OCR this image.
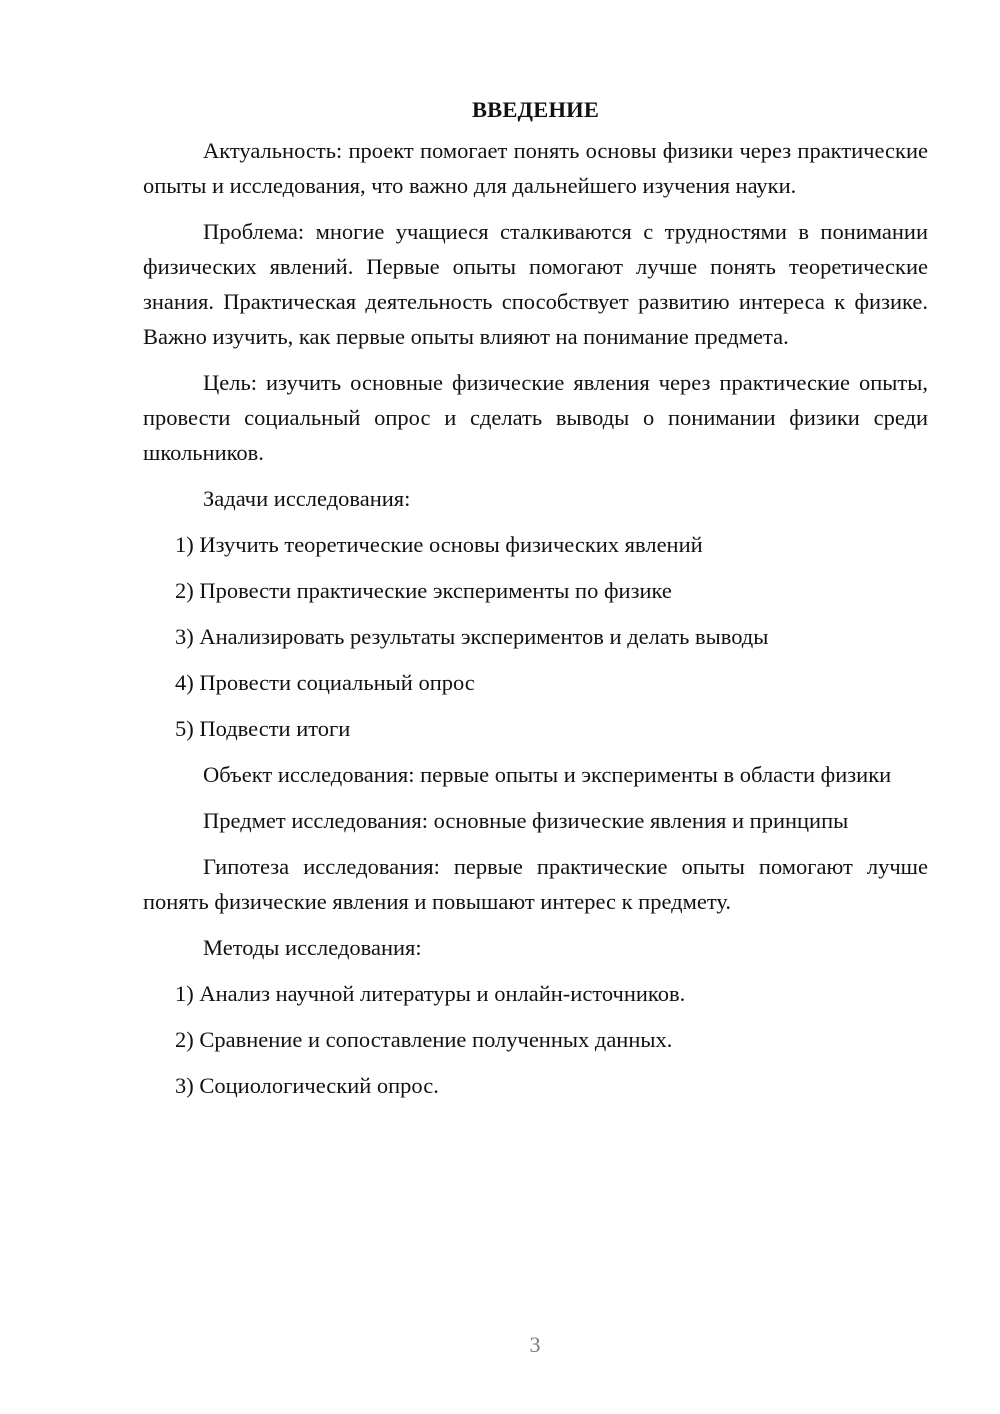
ВВЕДЕНИЕ

Актуальность: проект помогает понять основы физики через практические опыты и исследования, что важно для дальнейшего изучения науки.

Проблема: многие учащиеся сталкиваются с трудностями в понимании физических явлений. Первые опыты помогают лучше понять теоретические знания. Практическая деятельность способствует развитию интереса к физике. Важно изучить, как первые опыты влияют на понимание предмета.

Цель: изучить основные физические явления через практические опыты, провести социальный опрос и сделать выводы о понимании физики среди школьников.

Задачи исследования:

1) Изучить теоретические основы физических явлений
2) Провести практические эксперименты по физике
3) Анализировать результаты экспериментов и делать выводы
4) Провести социальный опрос
5) Подвести итоги

Объект исследования: первые опыты и эксперименты в области физики

Предмет исследования: основные физические явления и принципы

Гипотеза исследования: первые практические опыты помогают лучше понять физические явления и повышают интерес к предмету.

Методы исследования:

1) Анализ научной литературы и онлайн-источников.
2) Сравнение и сопоставление полученных данных.
3) Социологический опрос.
3
